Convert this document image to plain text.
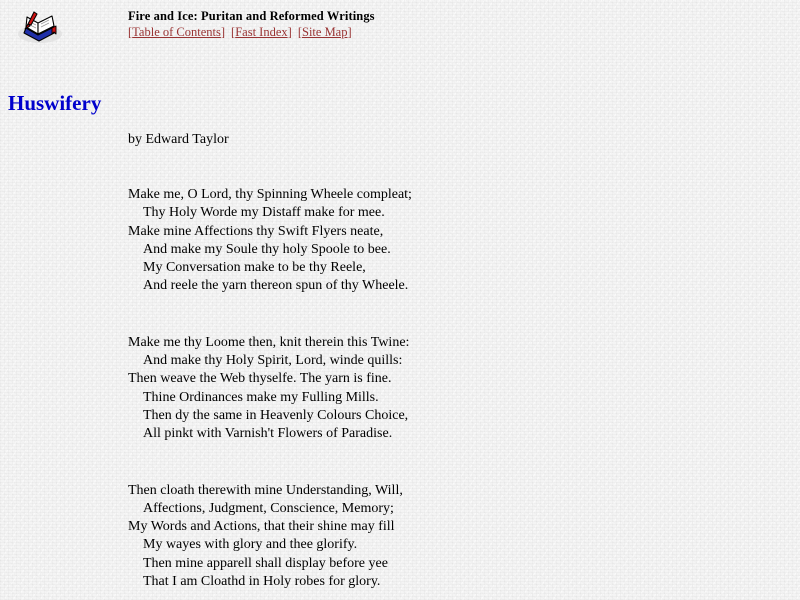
Fire and Ice: Puritan and Reformed Writings
[Table of Contents] [Fast Index] [Site Map]
Huswifery

by Edward Taylor

Make me, O Lord, thy Spinning Wheele compleat;
Thy Holy Worde my Distaff make for mee.
Make mine Affections thy Swift Flyers neate,
And make my Soule thy holy Spoole to bee.
My Conversation make to be thy Reele,
And reele the yarn thereon spun of thy Wheele.
Make me thy Loome then, knit therein this Twine:
And make thy Holy Spirit, Lord, winde quills:
Then weave the Web thyselfe. The yarn is fine.
Thine Ordinances make my Fulling Mills.
Then dy the same in Heavenly Colours Choice,
All pinkt with Varnish't Flowers of Paradise.
Then cloath therewith mine Understanding, Will,
Affections, Judgment, Conscience, Memory;
My Words and Actions, that their shine may fill
My wayes with glory and thee glorify.
Then mine apparell shall display before yee
That I am Cloathd in Holy robes for glory.
